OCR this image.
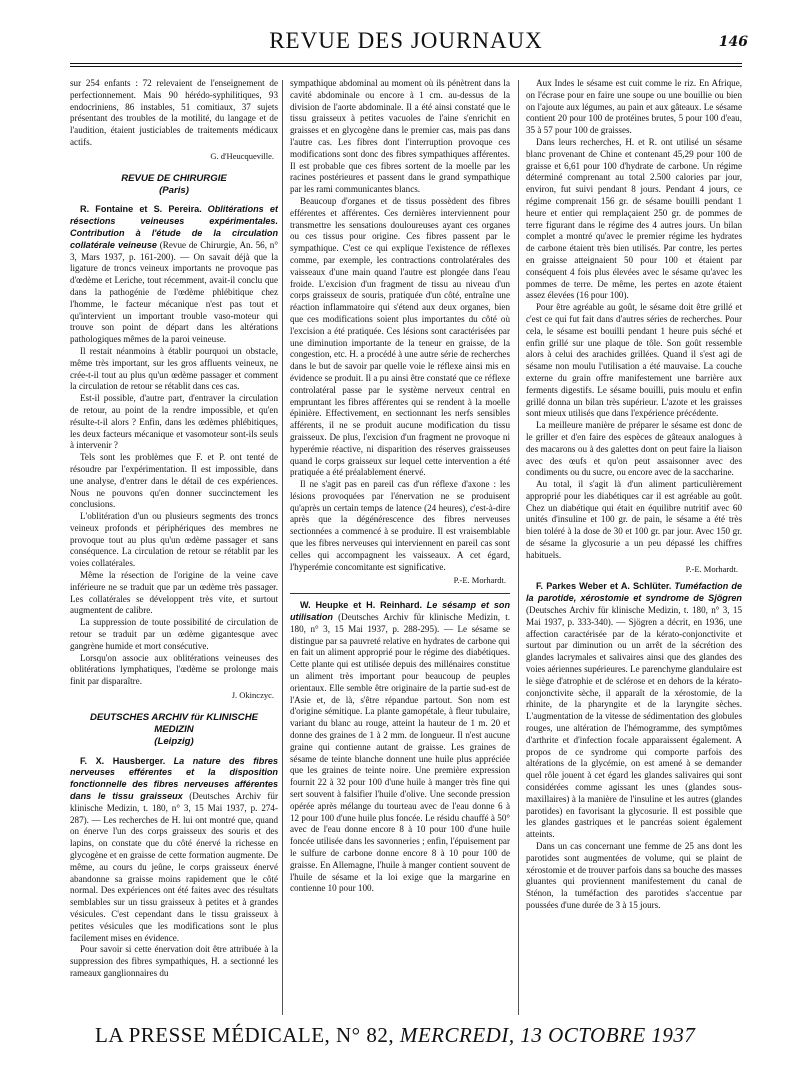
REVUE DES JOURNAUX	146

sur 254 enfants : 72 relevaient de l'enseignement de perfectionnement. Mais 90 hérédo-syphilitiques, 93 endocriniens, 86 instables, 51 comitiaux, 37 sujets présentant des troubles de la motilité, du langage et de l'audition, étaient justiciables de traitements médicaux actifs.

G. d'Heucqueville.
REVUE DE CHIRURGIE
(Paris)

R. Fontaine et S. Pereira. Oblitérations et résections veineuses expérimentales. Contribution à l'étude de la circulation collatérale veineuse (Revue de Chirurgie, An. 56, n° 3, Mars 1937, p. 161-200). — On savait déjà que la ligature de troncs veineux importants ne provoque pas d'œdème et Leriche, tout récemment, avait-il conclu que dans la pathogénie de l'œdème phlébitique chez l'homme, le facteur mécanique n'est pas tout et qu'intervient un important trouble vaso-moteur qui trouve son point de départ dans les altérations pathologiques mêmes de la paroi veineuse.

Il restait néanmoins à établir pourquoi un obstacle, même très important, sur les gros affluents veineux, ne crée-t-il tout au plus qu'un œdème passager et comment la circulation de retour se rétablit dans ces cas.

Est-il possible, d'autre part, d'entraver la circulation de retour, au point de la rendre impossible, et qu'en résulte-t-il alors ? Enfin, dans les œdèmes phlébitiques, les deux facteurs mécanique et vasomoteur sont-ils seuls à intervenir ?

Tels sont les problèmes que F. et P. ont tenté de résoudre par l'expérimentation. Il est impossible, dans une analyse, d'entrer dans le détail de ces expériences. Nous ne pouvons qu'en donner succinctement les conclusions.

L'oblitération d'un ou plusieurs segments des troncs veineux profonds et périphériques des membres ne provoque tout au plus qu'un œdème passager et sans conséquence. La circulation de retour se rétablit par les voies collatérales.

Même la résection de l'origine de la veine cave inférieure ne se traduit que par un œdème très passager. Les collatérales se développent très vite, et surtout augmentent de calibre.

La suppression de toute possibilité de circulation de retour se traduit par un œdème gigantesque avec gangrène humide et mort consécutive.

Lorsqu'on associe aux oblitérations veineuses des oblitérations lymphatiques, l'œdème se prolonge mais finit par disparaître.

J. Okinczyc.
DEUTSCHES ARCHIV für KLINISCHE MEDIZIN
(Leipzig)

F. X. Hausberger. La nature des fibres nerveuses efférentes et la disposition fonctionnelle des fibres nerveuses afférentes dans le tissu graisseux (Deutsches Archiv für klinische Medizin, t. 180, n° 3, 15 Mai 1937, p. 274-287). — Les recherches de H. lui ont montré que, quand on énerve l'un des corps graisseux des souris et des lapins, on constate que du côté énervé la richesse en glycogène et en graisse de cette formation augmente. De même, au cours du jeûne, le corps graisseux énervé abandonne sa graisse moins rapidement que le côté normal. Des expériences ont été faites avec des résultats semblables sur un tissu graisseux à petites et à grandes vésicules. C'est cependant dans le tissu graisseux à petites vésicules que les modifications sont le plus facilement mises en évidence.

Pour savoir si cette énervation doit être attribuée à la suppression des fibres sympathiques, H. a sectionné les rameaux ganglionnaires du

sympathique abdominal au moment où ils pénètrent dans la cavité abdominale ou encore à 1 cm. au-dessus de la division de l'aorte abdominale. Il a été ainsi constaté que le tissu graisseux à petites vacuoles de l'aine s'enrichit en graisses et en glycogène dans le premier cas, mais pas dans l'autre cas. Les fibres dont l'interruption provoque ces modifications sont donc des fibres sympathiques afférentes. Il est probable que ces fibres sortent de la moelle par les racines postérieures et passent dans le grand sympathique par les rami communicantes blancs.

Beaucoup d'organes et de tissus possèdent des fibres efférentes et afférentes. Ces dernières interviennent pour transmettre les sensations douloureuses ayant ces organes ou ces tissus pour origine. Ces fibres passent par le sympathique. C'est ce qui explique l'existence de réflexes comme, par exemple, les contractions controlatérales des vaisseaux d'une main quand l'autre est plongée dans l'eau froide. L'excision d'un fragment de tissu au niveau d'un corps graisseux de souris, pratiquée d'un côté, entraîne une réaction inflammatoire qui s'étend aux deux organes, bien que ces modifications soient plus importantes du côté où l'excision a été pratiquée. Ces lésions sont caractérisées par une diminution importante de la teneur en graisse, de la congestion, etc. H. a procédé à une autre série de recherches dans le but de savoir par quelle voie le réflexe ainsi mis en évidence se produit. Il a pu ainsi être constaté que ce réflexe controlatéral passe par le système nerveux central en empruntant les fibres afférentes qui se rendent à la moelle épinière. Effectivement, en sectionnant les nerfs sensibles afférents, il ne se produit aucune modification du tissu graisseux. De plus, l'excision d'un fragment ne provoque ni hyperémie réactive, ni disparition des réserves graisseuses quand le corps graisseux sur lequel cette intervention a été pratiquée a été préalablement énervé.

Il ne s'agit pas en pareil cas d'un réflexe d'axone : les lésions provoquées par l'énervation ne se produisent qu'après un certain temps de latence (24 heures), c'est-à-dire après que la dégénérescence des fibres nerveuses sectionnées a commencé à se produire. Il est vraisemblable que les fibres nerveuses qui interviennent en pareil cas sont celles qui accompagnent les vaisseaux. A cet égard, l'hyperémie concomitante est significative.

P.-E. Morhardt.

W. Heupke et H. Reinhard. Le sésamp et son utilisation (Deutsches Archiv für klinische Medizin, t. 180, n° 3, 15 Mai 1937, p. 288-295). — Le sésame se distingue par sa pauvreté relative en hydrates de carbone qui en fait un aliment approprié pour le régime des diabétiques. Cette plante qui est utilisée depuis des millénaires constitue un aliment très important pour beaucoup de peuples orientaux. Elle semble être originaire de la partie sud-est de l'Asie et, de là, s'être répandue partout. Son nom est d'origine sémitique. La plante gamopétale, à fleur tubulaire, variant du blanc au rouge, atteint la hauteur de 1 m. 20 et donne des graines de 1 à 2 mm. de longueur. Il n'est aucune graine qui contienne autant de graisse. Les graines de sésame de teinte blanche donnent une huile plus appréciée que les graines de teinte noire. Une première expression fournit 22 à 32 pour 100 d'une huile à manger très fine qui sert souvent à falsifier l'huile d'olive. Une seconde pression opérée après mélange du tourteau avec de l'eau donne 6 à 12 pour 100 d'une huile plus foncée. Le résidu chauffé à 50° avec de l'eau donne encore 8 à 10 pour 100 d'une huile foncée utilisée dans les savonneries ; enfin, l'épuisement par le sulfure de carbone donne encore 8 à 10 pour 100 de graisse. En Allemagne, l'huile à manger contient souvent de l'huile de sésame et la loi exige que la margarine en contienne 10 pour 100.

Aux Indes le sésame est cuit comme le riz. En Afrique, on l'écrase pour en faire une soupe ou une bouillie ou bien on l'ajoute aux légumes, au pain et aux gâteaux. Le sésame contient 20 pour 100 de protéines brutes, 5 pour 100 d'eau, 35 à 57 pour 100 de graisses.

Dans leurs recherches, H. et R. ont utilisé un sésame blanc provenant de Chine et contenant 45,29 pour 100 de graisse et 6,61 pour 100 d'hydrate de carbone. Un régime déterminé comprenant au total 2.500 calories par jour, environ, fut suivi pendant 8 jours. Pendant 4 jours, ce régime comprenait 156 gr. de sésame bouilli pendant 1 heure et entier qui remplaçaient 250 gr. de pommes de terre figurant dans le régime des 4 autres jours. Un bilan complet a montré qu'avec le premier régime les hydrates de carbone étaient très bien utilisés. Par contre, les pertes en graisse atteignaient 50 pour 100 et étaient par conséquent 4 fois plus élevées avec le sésame qu'avec les pommes de terre. De même, les pertes en azote étaient assez élevées (16 pour 100).

Pour être agréable au goût, le sésame doit être grillé et c'est ce qui fut fait dans d'autres séries de recherches. Pour cela, le sésame est bouilli pendant 1 heure puis séché et enfin grillé sur une plaque de tôle. Son goût ressemble alors à celui des arachides grillées. Quand il s'est agi de sésame non moulu l'utilisation a été mauvaise. La couche externe du grain offre manifestement une barrière aux ferments digestifs. Le sésame bouilli, puis moulu et enfin grillé donna un bilan très supérieur. L'azote et les graisses sont mieux utilisés que dans l'expérience précédente.

La meilleure manière de préparer le sésame est donc de le griller et d'en faire des espèces de gâteaux analogues à des macarons ou à des galettes dont on peut faire la liaison avec des œufs et qu'on peut assaisonner avec des condiments ou du sucre, ou encore avec de la saccharine.

Au total, il s'agit là d'un aliment particulièrement approprié pour les diabétiques car il est agréable au goût. Chez un diabétique qui était en équilibre nutritif avec 60 unités d'insuline et 100 gr. de pain, le sésame a été très bien toléré à la dose de 30 et 100 gr. par jour. Avec 150 gr. de sésame la glycosurie a un peu dépassé les chiffres habituels.

P.-E. Morhardt.

F. Parkes Weber et A. Schlüter. Tuméfaction de la parotide, xérostomie et syndrome de Sjögren (Deutsches Archiv für klinische Medizin, t. 180, n° 3, 15 Mai 1937, p. 333-340). — Sjögren a décrit, en 1936, une affection caractérisée par de la kérato-conjonctivite et surtout par diminution ou un arrêt de la sécrétion des glandes lacrymales et salivaires ainsi que des glandes des voies aériennes supérieures. Le parenchyme glandulaire est le siège d'atrophie et de sclérose et en dehors de la kérato-conjonctivite sèche, il apparaît de la xérostomie, de la rhinite, de la pharyngite et de la laryngite sèches. L'augmentation de la vitesse de sédimentation des globules rouges, une altération de l'hémogramme, des symptômes d'arthrite et d'infection focale apparaissent également. A propos de ce syndrome qui comporte parfois des altérations de la glycémie, on est amené à se demander quel rôle jouent à cet égard les glandes salivaires qui sont considérées comme agissant les unes (glandes sous-maxillaires) à la manière de l'insuline et les autres (glandes parotides) en favorisant la glycosurie. Il est possible que les glandes gastriques et le pancréas soient également atteints.

Dans un cas concernant une femme de 25 ans dont les parotides sont augmentées de volume, qui se plaint de xérostomie et de trouver parfois dans sa bouche des masses gluantes qui proviennent manifestement du canal de Sténon, la tuméfaction des parotides s'accentue par poussées d'une durée de 3 à 15 jours.

LA PRESSE MÉDICALE, N° 82, MERCREDI, 13 OCTOBRE 1937
